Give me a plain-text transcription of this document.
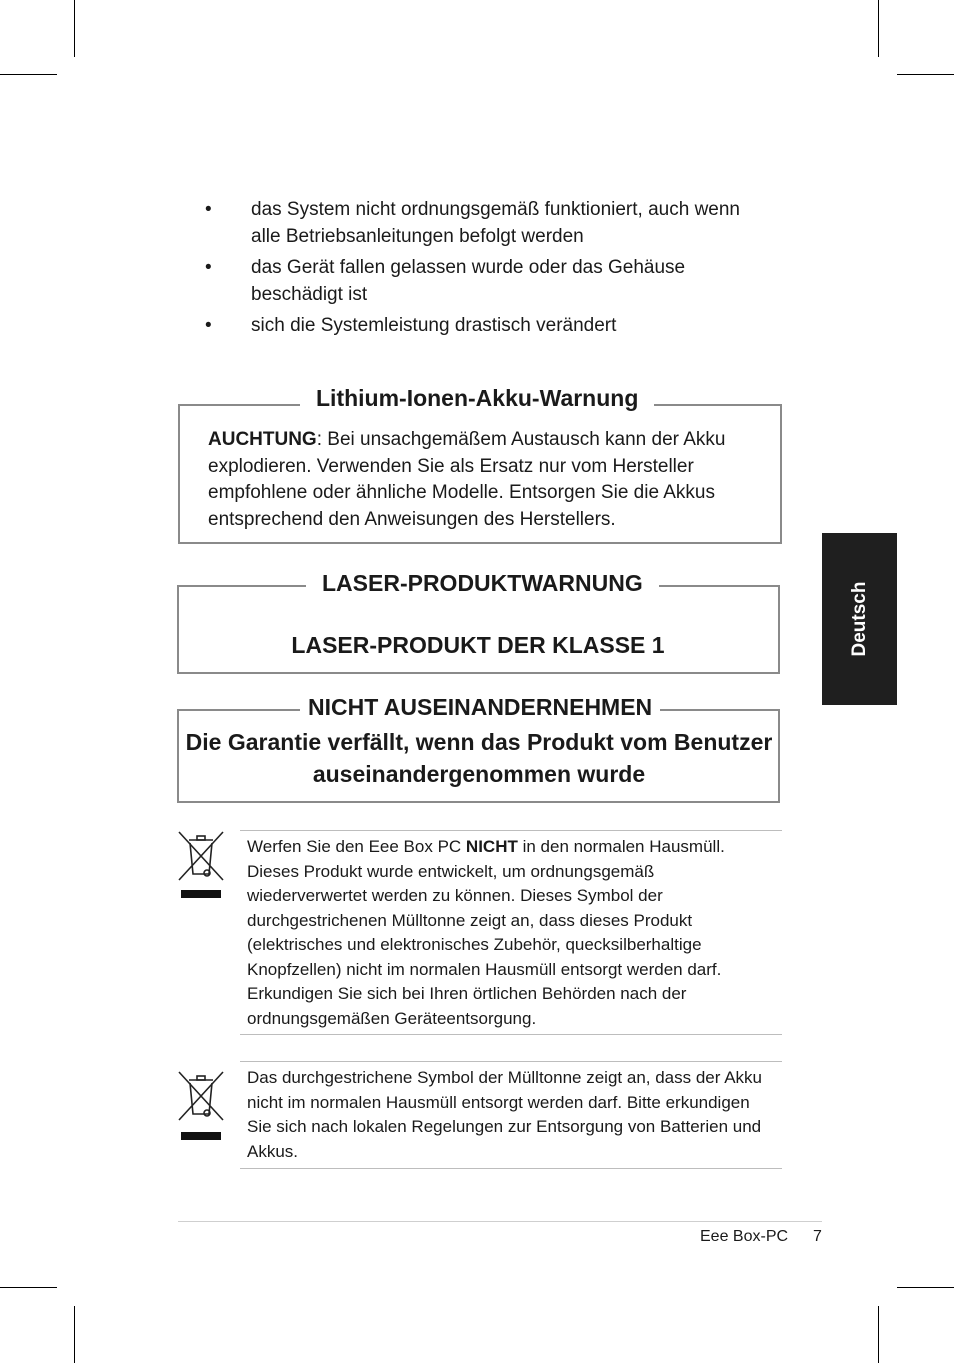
• das System nicht ordnungsgemäß funktioniert, auch wenn alle Betriebsanleitungen befolgt werden
• das Gerät fallen gelassen wurde oder das Gehäuse beschädigt ist
• sich die Systemleistung drastisch verändert
Lithium-Ionen-Akku-Warnung
AUCHTUNG: Bei unsachgemäßem Austausch kann der Akku explodieren. Verwenden Sie als Ersatz nur vom Hersteller empfohlene oder ähnliche Modelle. Entsorgen Sie die Akkus entsprechend den Anweisungen des Herstellers.
LASER-PRODUKTWARNUNG
LASER-PRODUKT DER KLASSE 1
NICHT AUSEINANDERNEHMEN
Die Garantie verfällt, wenn das Produkt vom Benutzer auseinandergenommen wurde
Werfen Sie den Eee Box PC NICHT in den normalen Hausmüll. Dieses Produkt wurde entwickelt, um ordnungsgemäß wiederverwertet werden zu können. Dieses Symbol der durchgestrichenen Mülltonne zeigt an, dass dieses Produkt (elektrisches und elektronisches Zubehör, quecksilberhaltige Knopfzellen) nicht im normalen Hausmüll entsorgt werden darf. Erkundigen Sie sich bei Ihren örtlichen Behörden nach der ordnungsgemäßen Geräteentsorgung.
Das durchgestrichene Symbol der Mülltonne zeigt an, dass der Akku nicht im normalen Hausmüll entsorgt werden darf. Bitte erkundigen Sie sich nach lokalen Regelungen zur Entsorgung von Batterien und Akkus.
Deutsch
Eee Box-PC 7
